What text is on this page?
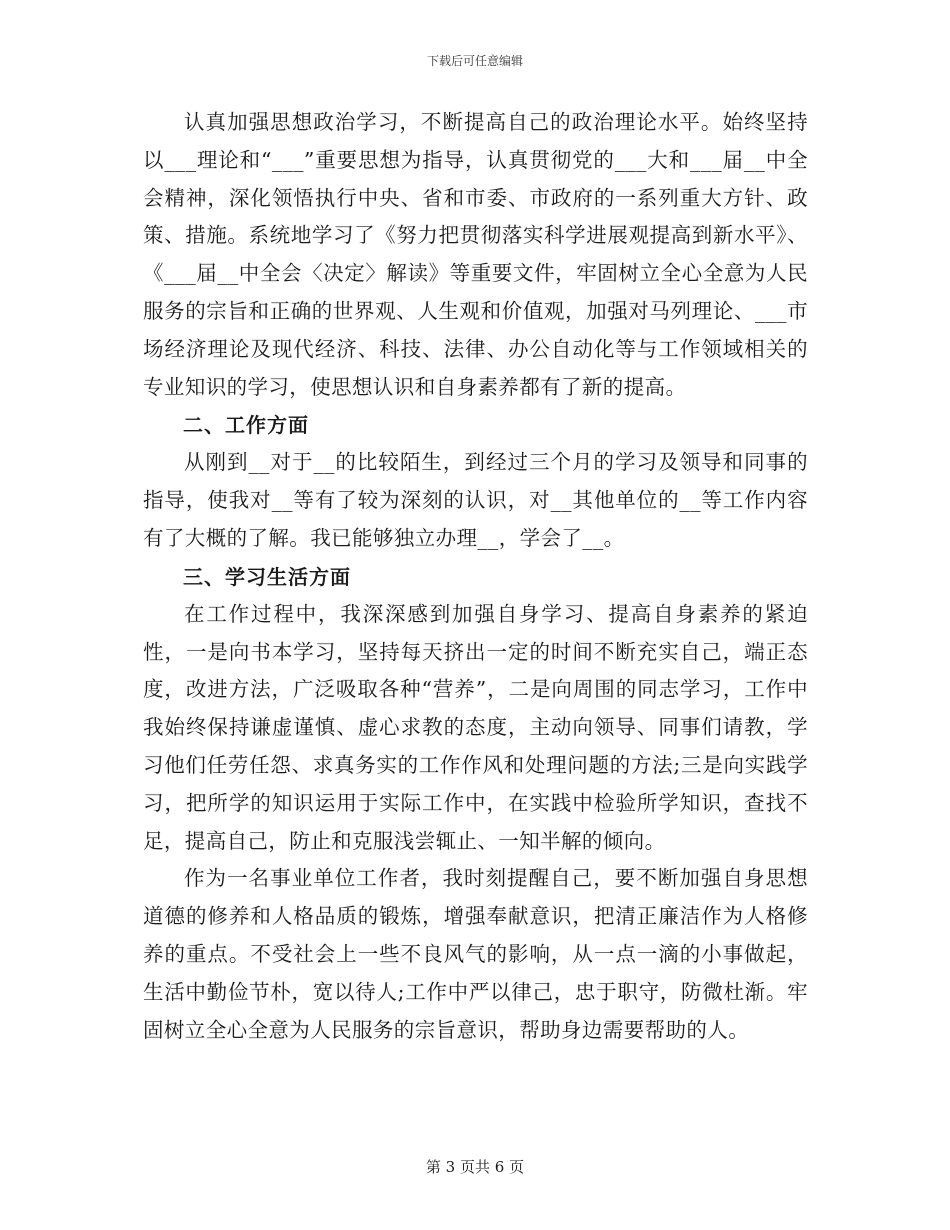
下载后可任意编辑

认真加强思想政治学习，不断提高自己的政治理论水平。始终坚持以___理论和“___”重要思想为指导，认真贯彻党的___大和___届__中全会精神，深化领悟执行中央、省和市委、市政府的一系列重大方针、政策、措施。系统地学习了《努力把贯彻落实科学进展观提高到新水平》、《___届__中全会〈决定〉解读》等重要文件，牢固树立全心全意为人民服务的宗旨和正确的世界观、人生观和价值观，加强对马列理论、___市场经济理论及现代经济、科技、法律、办公自动化等与工作领域相关的专业知识的学习，使思想认识和自身素养都有了新的提高。

二、工作方面

从刚到__对于__的比较陌生，到经过三个月的学习及领导和同事的指导，使我对__等有了较为深刻的认识，对__其他单位的__等工作内容有了大概的了解。我已能够独立办理__，学会了__。

三、学习生活方面

在工作过程中，我深深感到加强自身学习、提高自身素养的紧迫性，一是向书本学习，坚持每天挤出一定的时间不断充实自己，端正态度，改进方法，广泛吸取各种“营养”，二是向周围的同志学习，工作中我始终保持谦虚谨慎、虚心求教的态度，主动向领导、同事们请教，学习他们任劳任怨、求真务实的工作作风和处理问题的方法;三是向实践学习，把所学的知识运用于实际工作中，在实践中检验所学知识，查找不足，提高自己，防止和克服浅尝辄止、一知半解的倾向。

作为一名事业单位工作者，我时刻提醒自己，要不断加强自身思想道德的修养和人格品质的锻炼，增强奉献意识，把清正廉洁作为人格修养的重点。不受社会上一些不良风气的影响，从一点一滴的小事做起，生活中勤俭节朴，宽以待人;工作中严以律己，忠于职守，防微杜渐。牢固树立全心全意为人民服务的宗旨意识，帮助身边需要帮助的人。

第 3 页共 6 页
